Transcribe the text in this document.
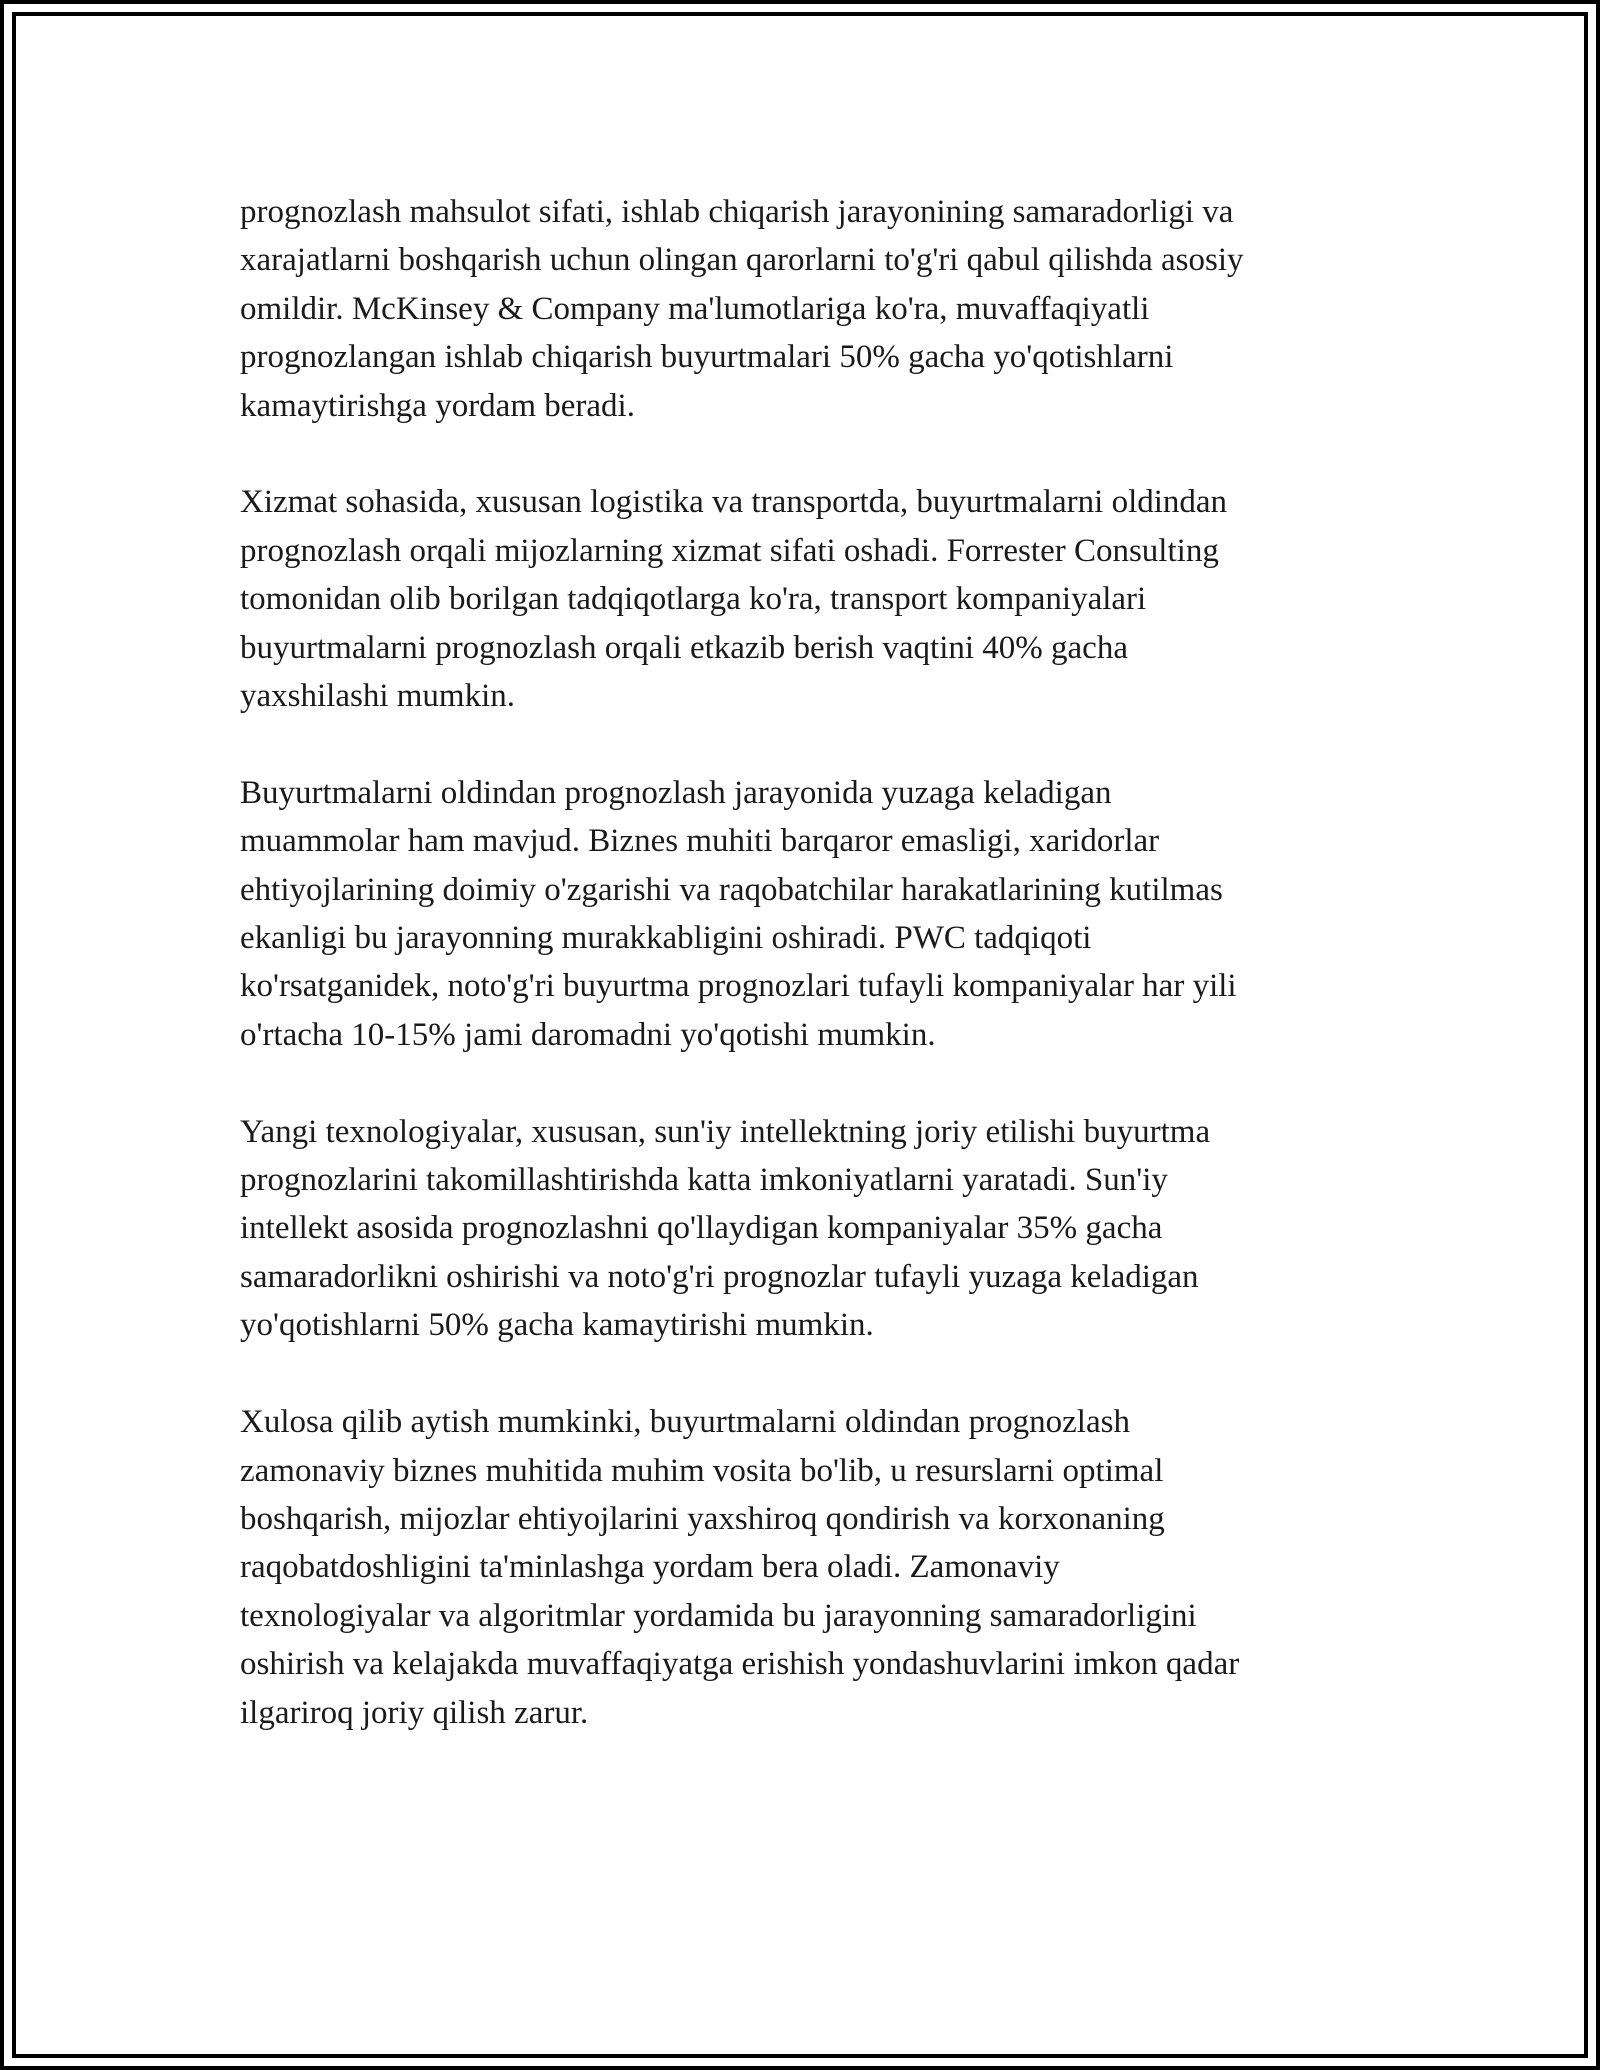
prognozlash mahsulot sifati, ishlab chiqarish jarayonining samaradorligi va
xarajatlarni boshqarish uchun olingan qarorlarni to'g'ri qabul qilishda asosiy
omildir. McKinsey & Company ma'lumotlariga ko'ra, muvaffaqiyatli
prognozlangan ishlab chiqarish buyurtmalari 50% gacha yo'qotishlarni
kamaytirishga yordam beradi.

Xizmat sohasida, xususan logistika va transportda, buyurtmalarni oldindan
prognozlash orqali mijozlarning xizmat sifati oshadi. Forrester Consulting
tomonidan olib borilgan tadqiqotlarga ko'ra, transport kompaniyalari
buyurtmalarni prognozlash orqali etkazib berish vaqtini 40% gacha
yaxshilashi mumkin.

Buyurtmalarni oldindan prognozlash jarayonida yuzaga keladigan
muammolar ham mavjud. Biznes muhiti barqaror emasligi, xaridorlar
ehtiyojlarining doimiy o'zgarishi va raqobatchilar harakatlarining kutilmas
ekanligi bu jarayonning murakkabligini oshiradi. PWC tadqiqoti
ko'rsatganidek, noto'g'ri buyurtma prognozlari tufayli kompaniyalar har yili
o'rtacha 10-15% jami daromadni yo'qotishi mumkin.

Yangi texnologiyalar, xususan, sun'iy intellektning joriy etilishi buyurtma
prognozlarini takomillashtirishda katta imkoniyatlarni yaratadi. Sun'iy
intellekt asosida prognozlashni qo'llaydigan kompaniyalar 35% gacha
samaradorlikni oshirishi va noto'g'ri prognozlar tufayli yuzaga keladigan
yo'qotishlarni 50% gacha kamaytirishi mumkin.

Xulosa qilib aytish mumkinki, buyurtmalarni oldindan prognozlash
zamonaviy biznes muhitida muhim vosita bo'lib, u resurslarni optimal
boshqarish, mijozlar ehtiyojlarini yaxshiroq qondirish va korxonaning
raqobatdoshligini ta'minlashga yordam bera oladi. Zamonaviy
texnologiyalar va algoritmlar yordamida bu jarayonning samaradorligini
oshirish va kelajakda muvaffaqiyatga erishish yondashuvlarini imkon qadar
ilgariroq joriy qilish zarur.
